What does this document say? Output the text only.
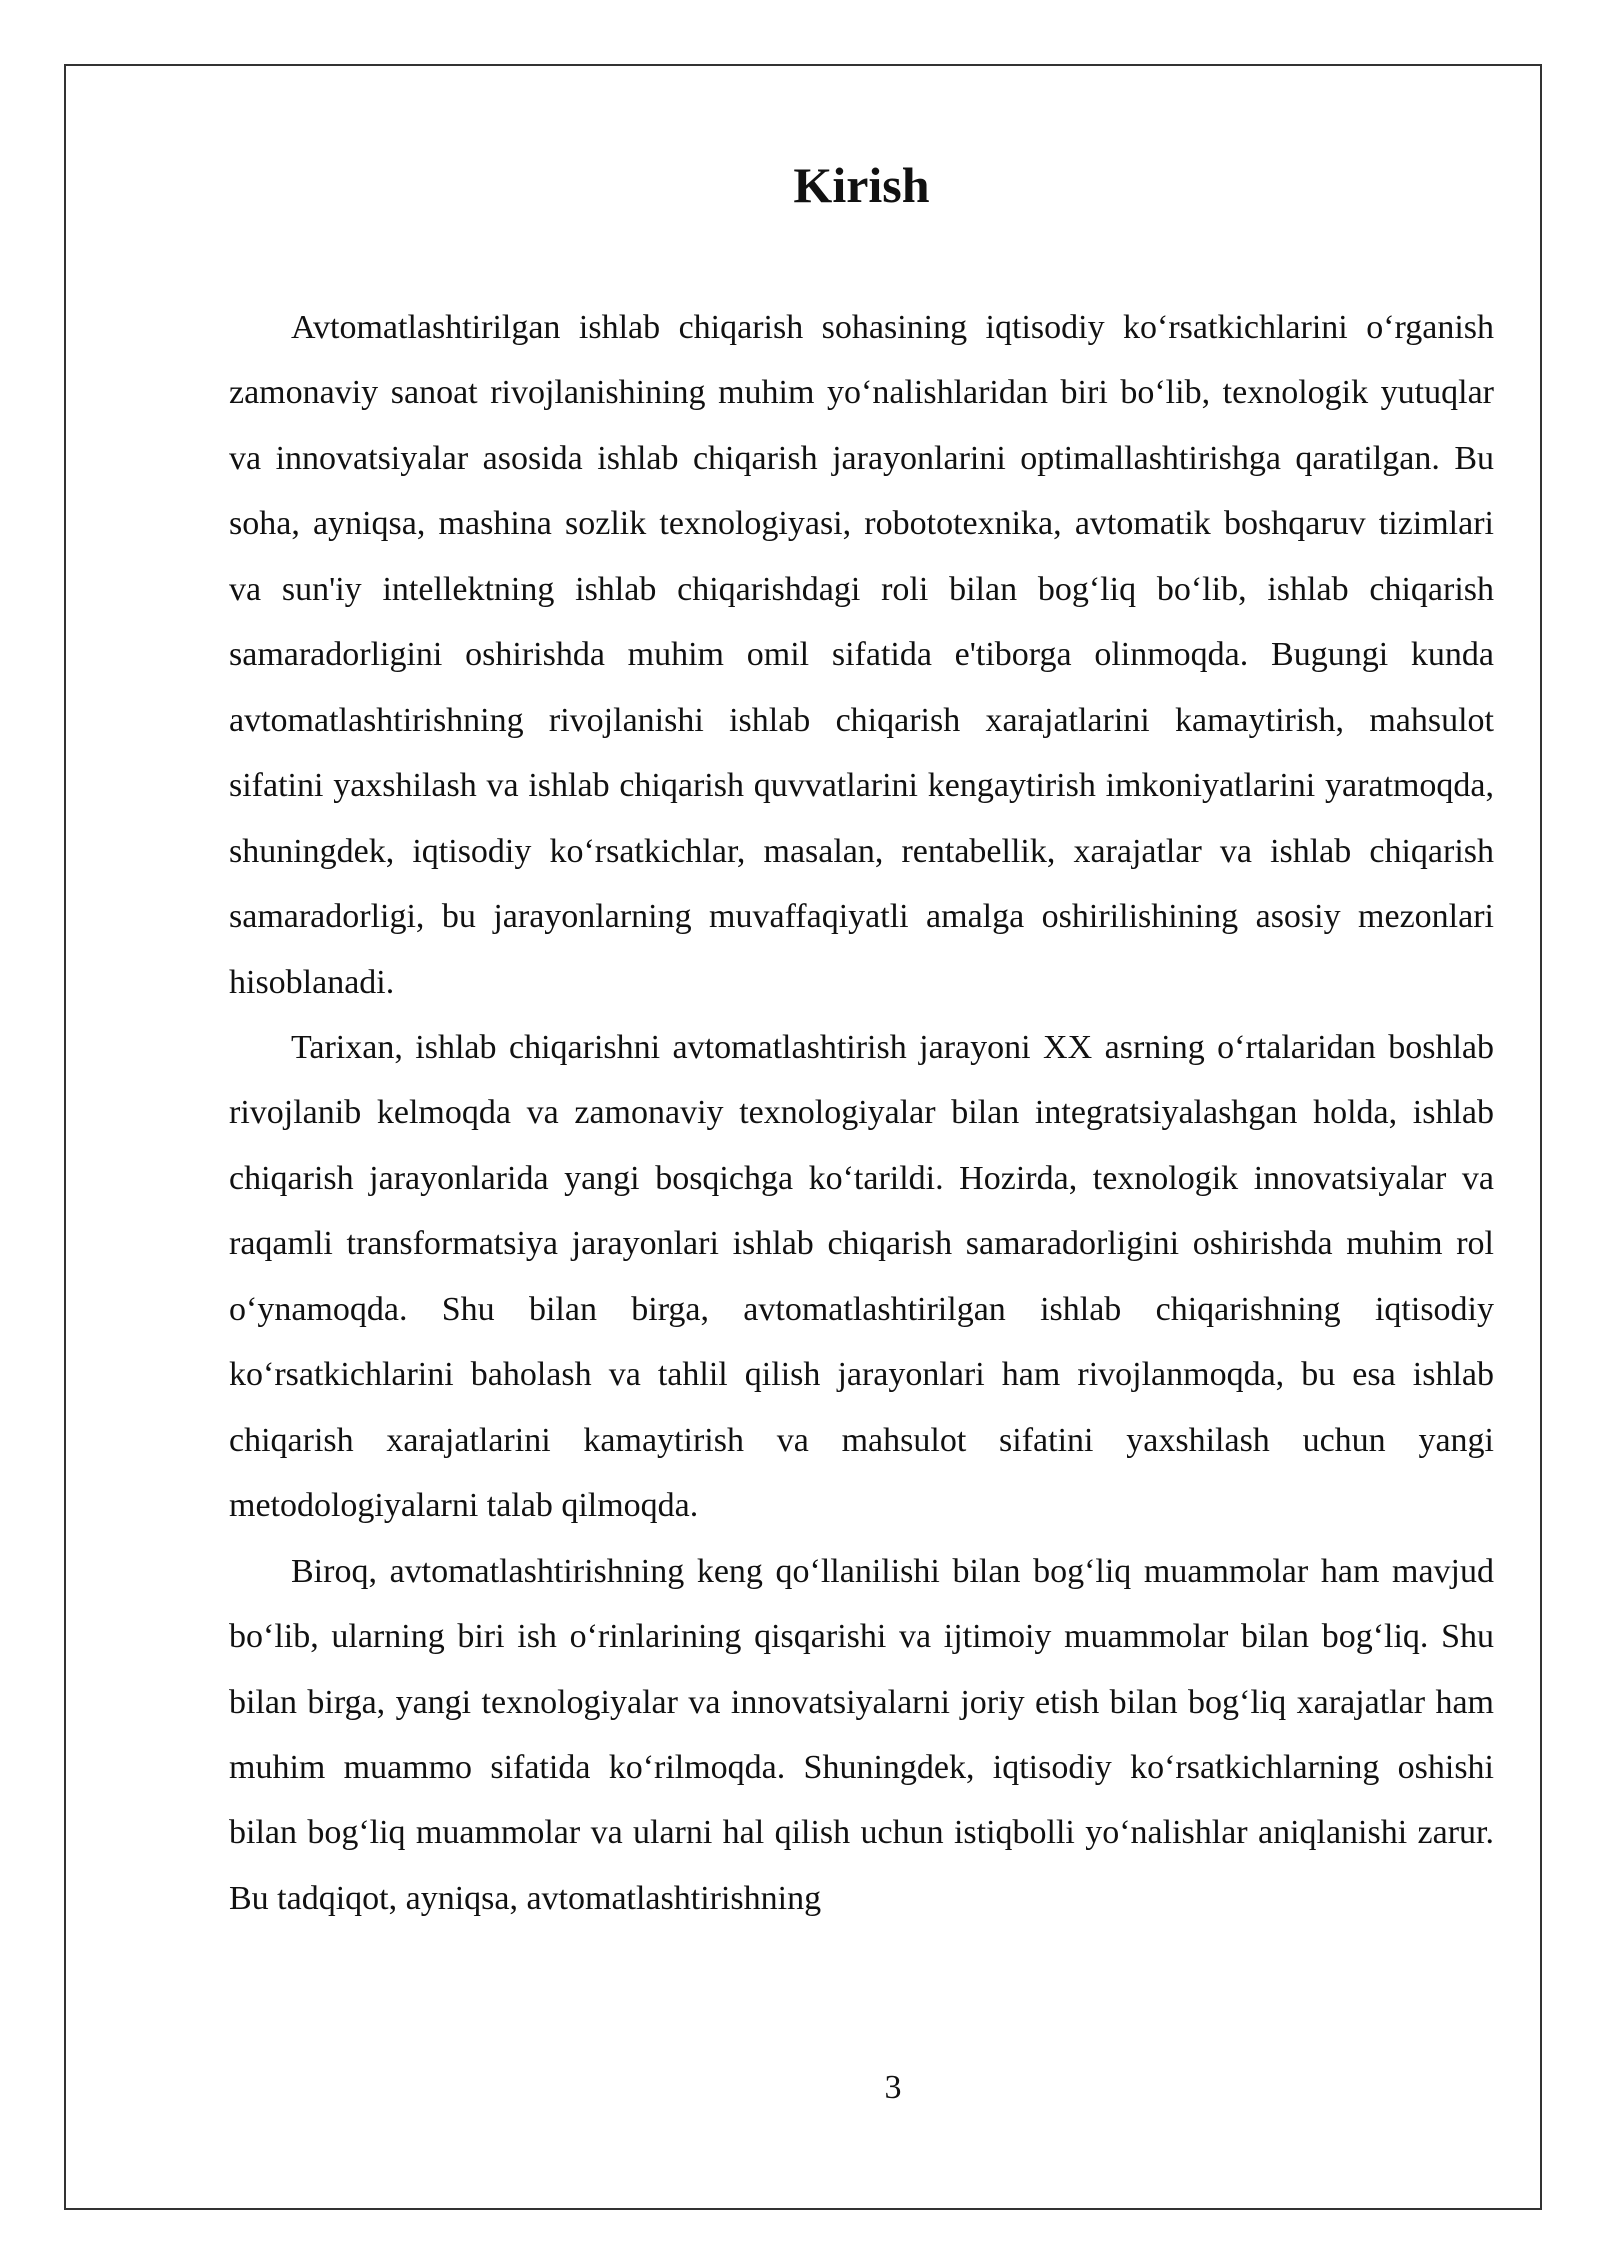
Kirish

Avtomatlashtirilgan ishlab chiqarish sohasining iqtisodiy ko‘rsatkichlarini o‘rganish zamonaviy sanoat rivojlanishining muhim yo‘nalishlaridan biri bo‘lib, texnologik yutuqlar va innovatsiyalar asosida ishlab chiqarish jarayonlarini optimallashtirishga qaratilgan. Bu soha, ayniqsa, mashina sozlik texnologiyasi, robototexnika, avtomatik boshqaruv tizimlari va sun'iy intellektning ishlab chiqarishdagi roli bilan bog‘liq bo‘lib, ishlab chiqarish samaradorligini oshirishda muhim omil sifatida e'tiborga olinmoqda. Bugungi kunda avtomatlashtirishning rivojlanishi ishlab chiqarish xarajatlarini kamaytirish, mahsulot sifatini yaxshilash va ishlab chiqarish quvvatlarini kengaytirish imkoniyatlarini yaratmoqda, shuningdek, iqtisodiy ko‘rsatkichlar, masalan, rentabellik, xarajatlar va ishlab chiqarish samaradorligi, bu jarayonlarning muvaffaqiyatli amalga oshirilishining asosiy mezonlari hisoblanadi.

Tarixan, ishlab chiqarishni avtomatlashtirish jarayoni XX asrning o‘rtalaridan boshlab rivojlanib kelmoqda va zamonaviy texnologiyalar bilan integratsiyalashgan holda, ishlab chiqarish jarayonlarida yangi bosqichga ko‘tarildi. Hozirda, texnologik innovatsiyalar va raqamli transformatsiya jarayonlari ishlab chiqarish samaradorligini oshirishda muhim rol o‘ynamoqda. Shu bilan birga, avtomatlashtirilgan ishlab chiqarishning iqtisodiy ko‘rsatkichlarini baholash va tahlil qilish jarayonlari ham rivojlanmoqda, bu esa ishlab chiqarish xarajatlarini kamaytirish va mahsulot sifatini yaxshilash uchun yangi metodologiyalarni talab qilmoqda.

Biroq, avtomatlashtirishning keng qo‘llanilishi bilan bog‘liq muammolar ham mavjud bo‘lib, ularning biri ish o‘rinlarining qisqarishi va ijtimoiy muammolar bilan bog‘liq. Shu bilan birga, yangi texnologiyalar va innovatsiyalarni joriy etish bilan bog‘liq xarajatlar ham muhim muammo sifatida ko‘rilmoqda. Shuningdek, iqtisodiy ko‘rsatkichlarning oshishi bilan bog‘liq muammolar va ularni hal qilish uchun istiqbolli yo‘nalishlar aniqlanishi zarur. Bu tadqiqot, ayniqsa, avtomatlashtirishning

3
